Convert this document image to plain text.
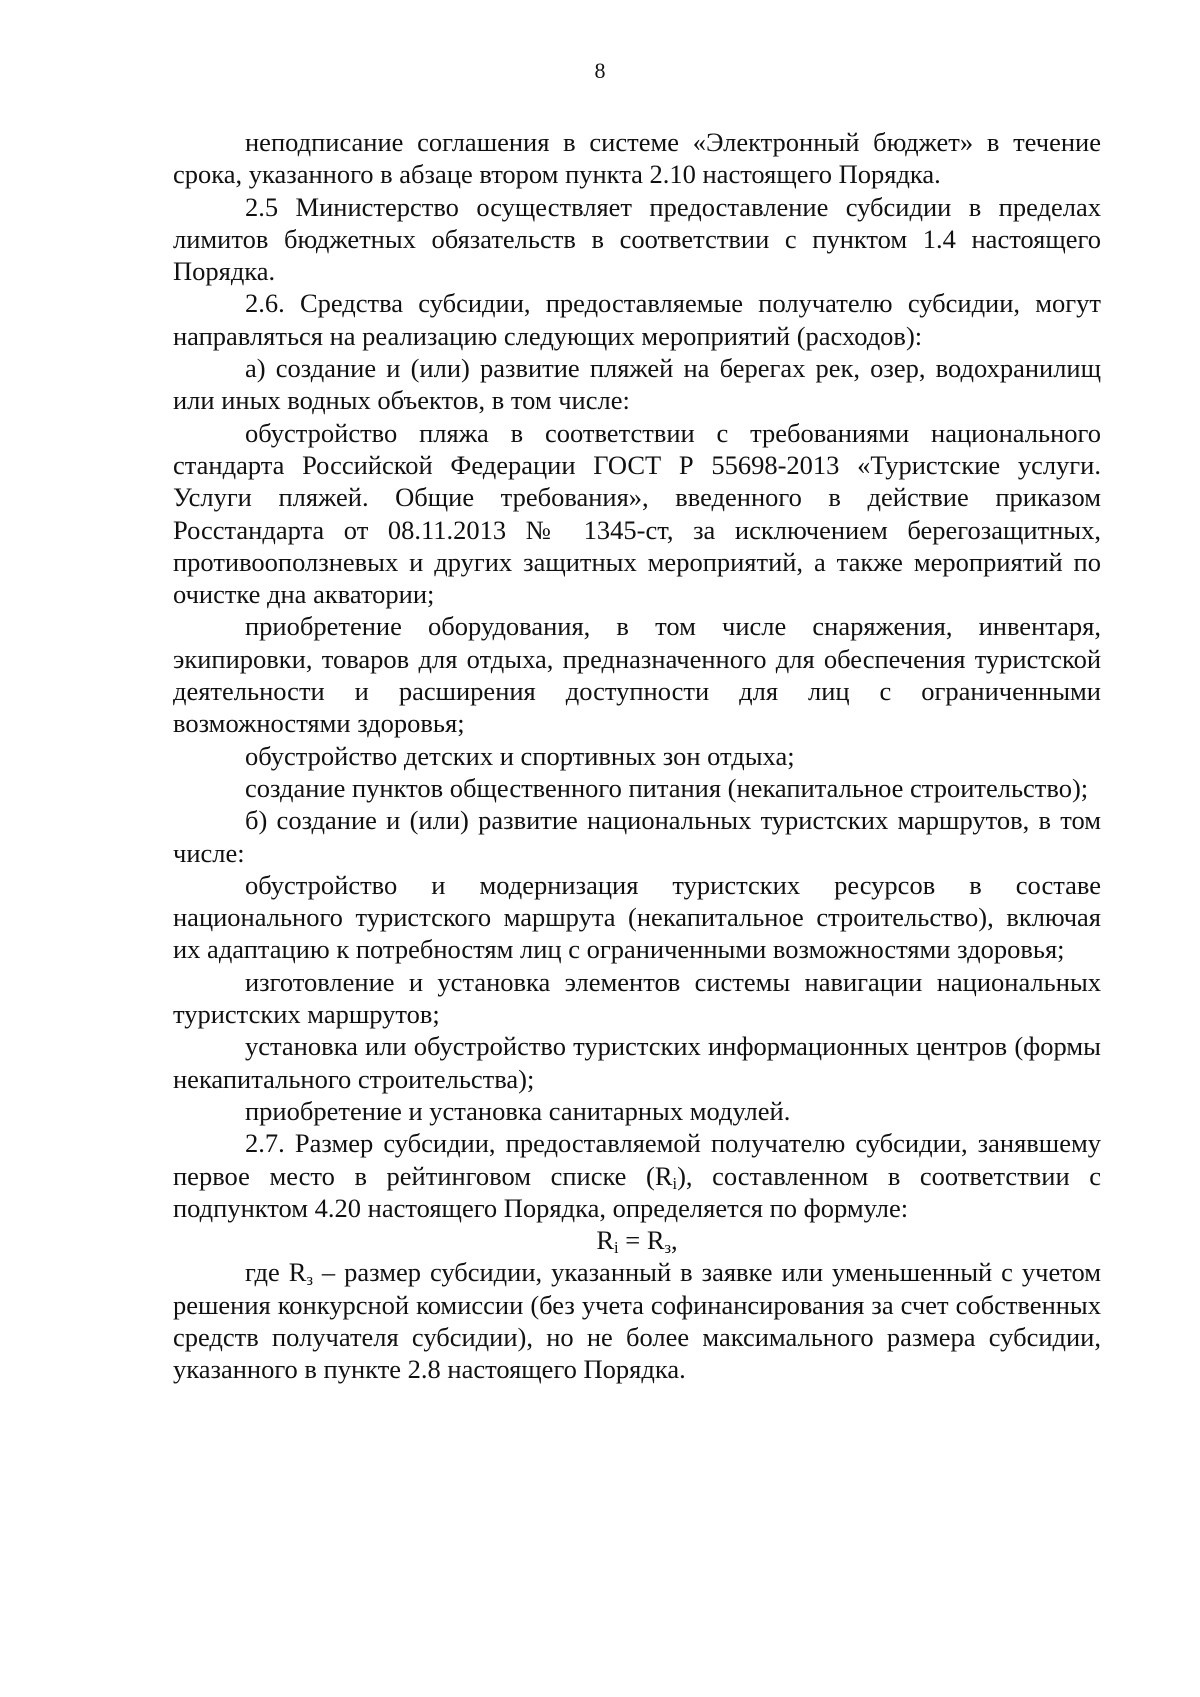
8

неподписание соглашения в системе «Электронный бюджет» в течение срока, указанного в абзаце втором пункта 2.10 настоящего Порядка.

2.5 Министерство осуществляет предоставление субсидии в пределах лимитов бюджетных обязательств в соответствии с пунктом 1.4 настоящего Порядка.

2.6. Средства субсидии, предоставляемые получателю субсидии, могут направляться на реализацию следующих мероприятий (расходов):

а) создание и (или) развитие пляжей на берегах рек, озер, водохранилищ или иных водных объектов, в том числе:

обустройство пляжа в соответствии с требованиями национального стандарта Российской Федерации ГОСТ Р 55698-2013 «Туристские услуги. Услуги пляжей. Общие требования», введенного в действие приказом Росстандарта от 08.11.2013 № 1345-ст, за исключением берегозащитных, противооползневых и других защитных мероприятий, а также мероприятий по очистке дна акватории;

приобретение оборудования, в том числе снаряжения, инвентаря, экипировки, товаров для отдыха, предназначенного для обеспечения туристской деятельности и расширения доступности для лиц с ограниченными возможностями здоровья;

обустройство детских и спортивных зон отдыха;

создание пунктов общественного питания (некапитальное строительство);

б) создание и (или) развитие национальных туристских маршрутов, в том числе:

обустройство и модернизация туристских ресурсов в составе национального туристского маршрута (некапитальное строительство), включая их адаптацию к потребностям лиц с ограниченными возможностями здоровья;

изготовление и установка элементов системы навигации национальных туристских маршрутов;

установка или обустройство туристских информационных центров (формы некапитального строительства);

приобретение и установка санитарных модулей.

2.7. Размер субсидии, предоставляемой получателю субсидии, занявшему первое место в рейтинговом списке $(R_i)$, составленном в соответствии с подпунктом 4.20 настоящего Порядка, определяется по формуле:

$R_i = R_з$,

где $R_з$ – размер субсидии, указанный в заявке или уменьшенный с учетом решения конкурсной комиссии (без учета софинансирования за счет собственных средств получателя субсидии), но не более максимального размера субсидии, указанного в пункте 2.8 настоящего Порядка.
